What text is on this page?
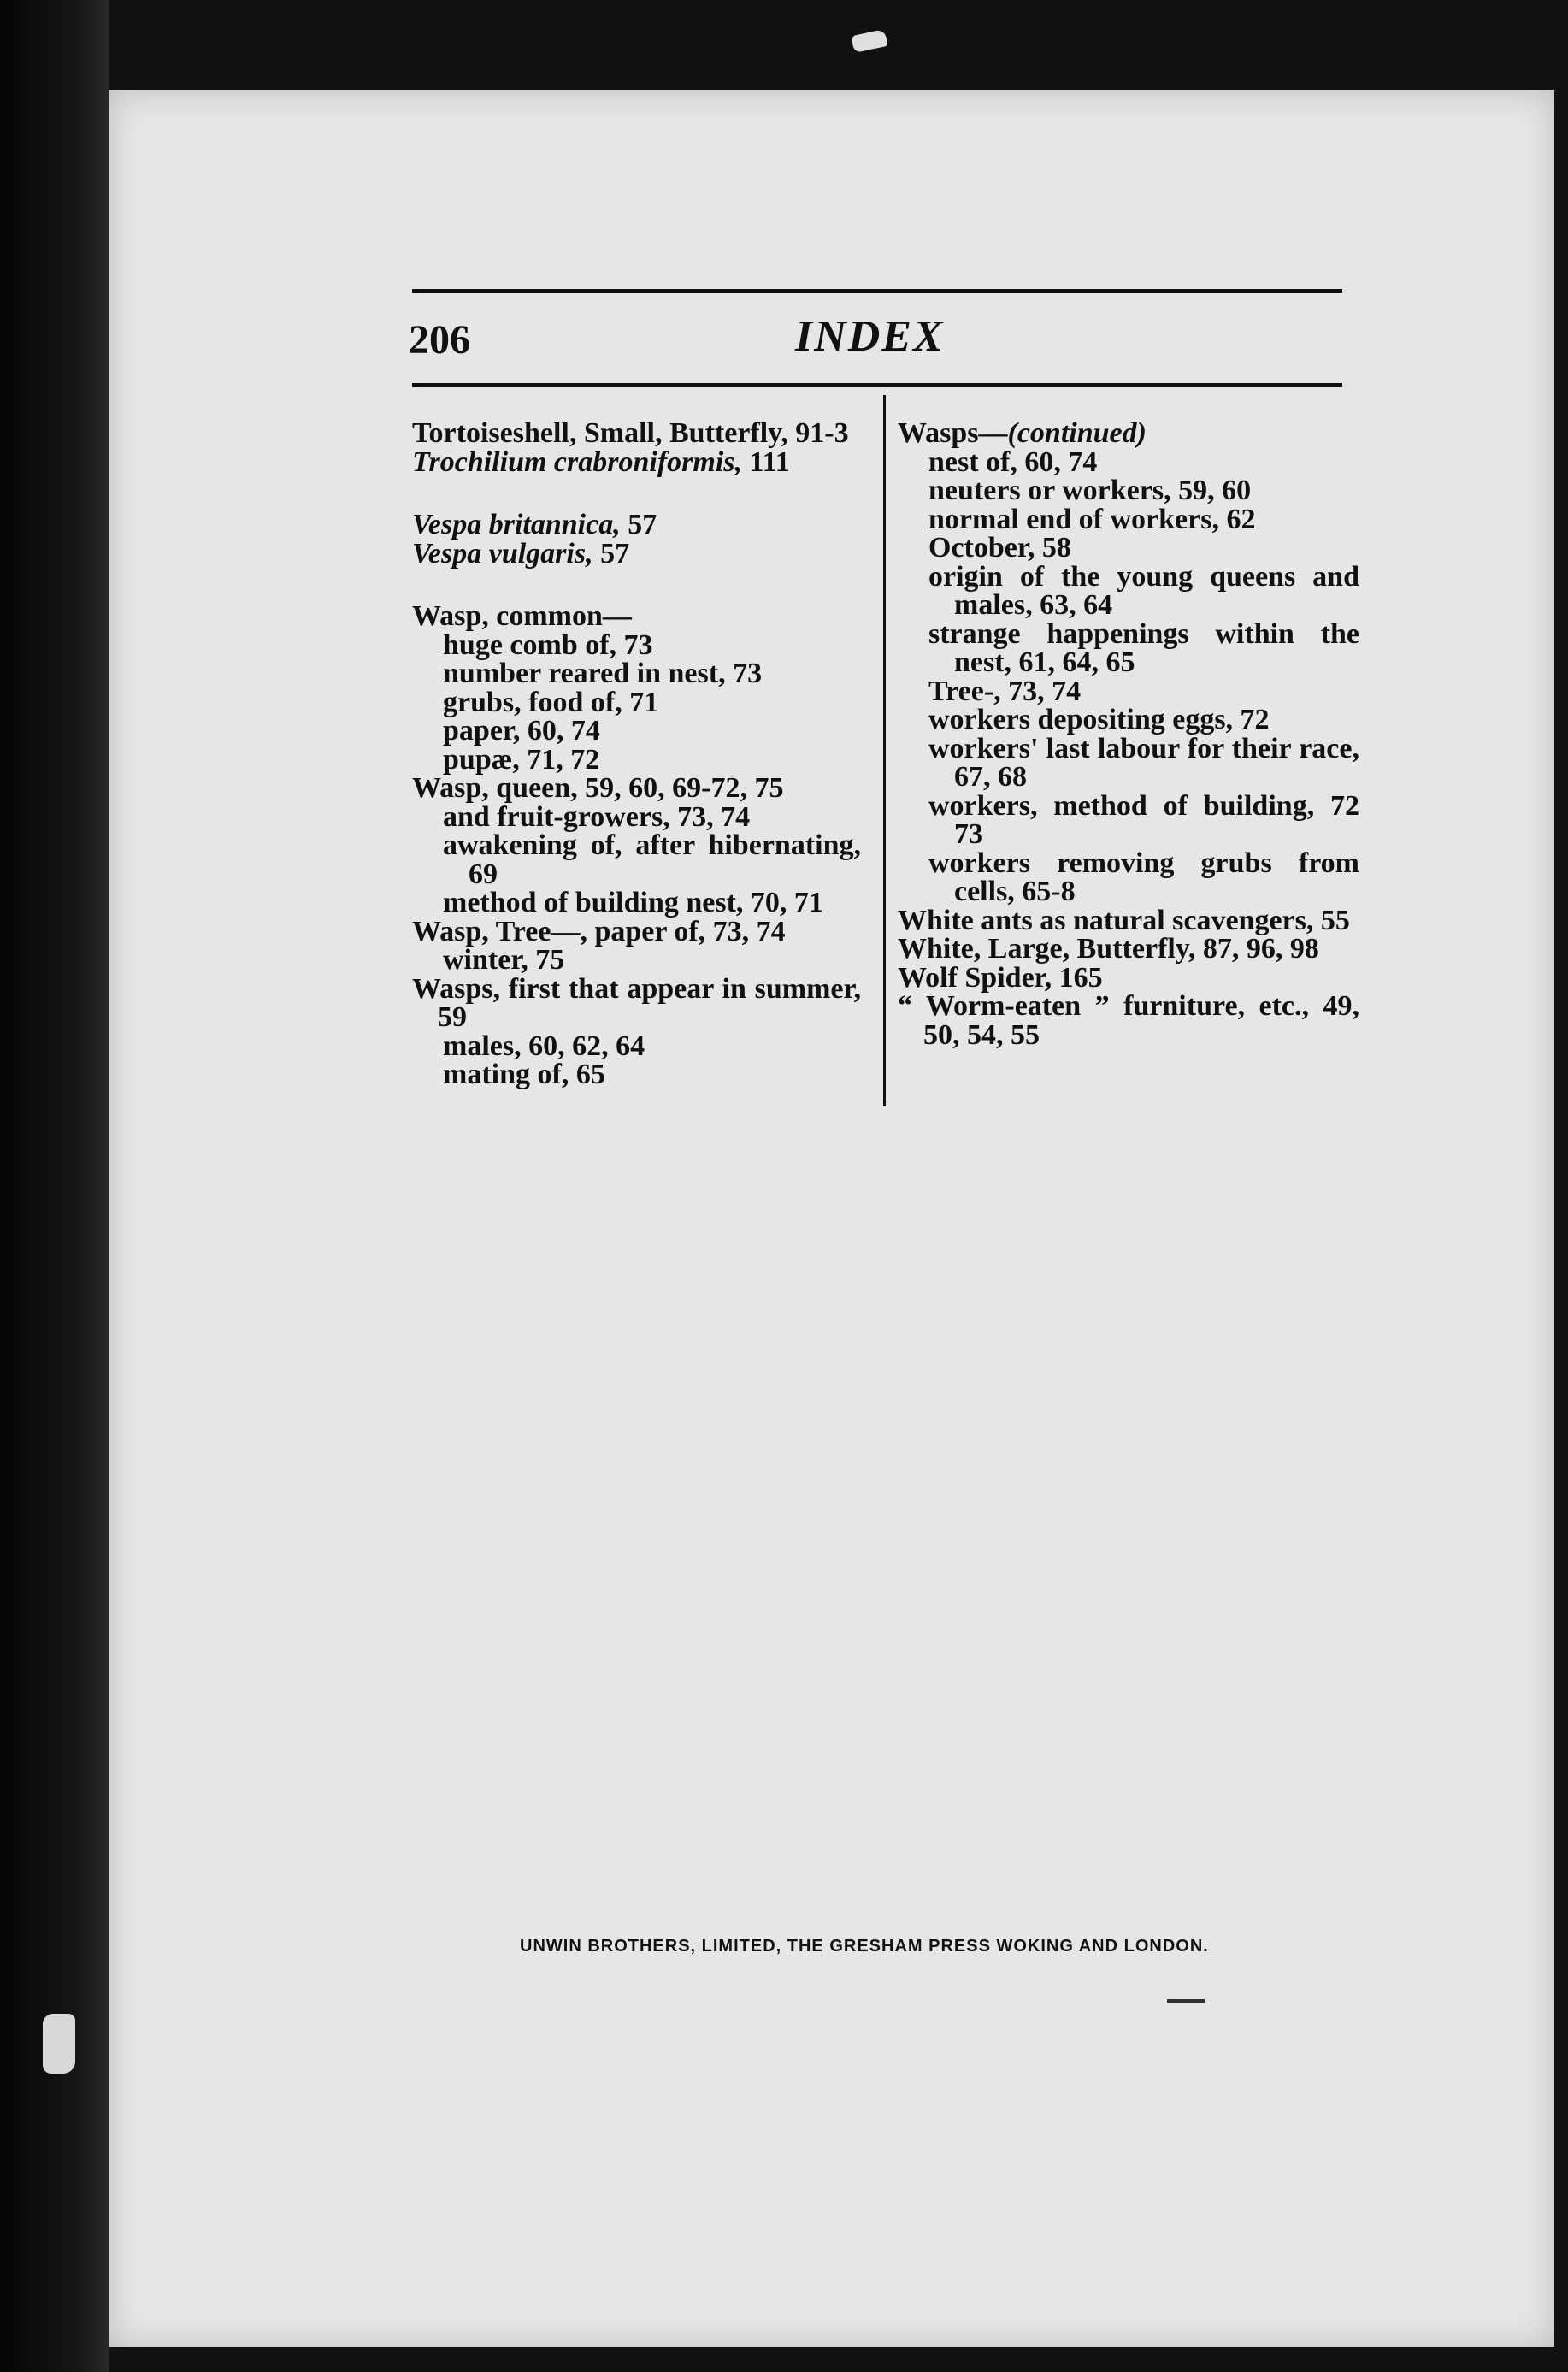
206	INDEX
Tortoiseshell, Small, Butterfly, 91-3
Trochilium crabroniformis, 111
Vespa britannica, 57
Vespa vulgaris, 57
Wasp, common—
huge comb of, 73
number reared in nest, 73
grubs, food of, 71
paper, 60, 74
pupæ, 71, 72
Wasp, queen, 59, 60, 69-72, 75
and fruit-growers, 73, 74
awakening of, after hibernating, 69
method of building nest, 70, 71
Wasp, Tree—, paper of, 73, 74
winter, 75
Wasps, first that appear in summer, 59
males, 60, 62, 64
mating of, 65
Wasps—(continued)
nest of, 60, 74
neuters or workers, 59, 60
normal end of workers, 62
October, 58
origin of the young queens and males, 63, 64
strange happenings within the nest, 61, 64, 65
Tree-, 73, 74
workers depositing eggs, 72
workers' last labour for their race, 67, 68
workers, method of building, 72 73
workers removing grubs from cells, 65-8
White ants as natural scavengers, 55
White, Large, Butterfly, 87, 96, 98
Wolf Spider, 165
“ Worm-eaten ” furniture, etc., 49, 50, 54, 55
UNWIN BROTHERS, LIMITED, THE GRESHAM PRESS WOKING AND LONDON.
